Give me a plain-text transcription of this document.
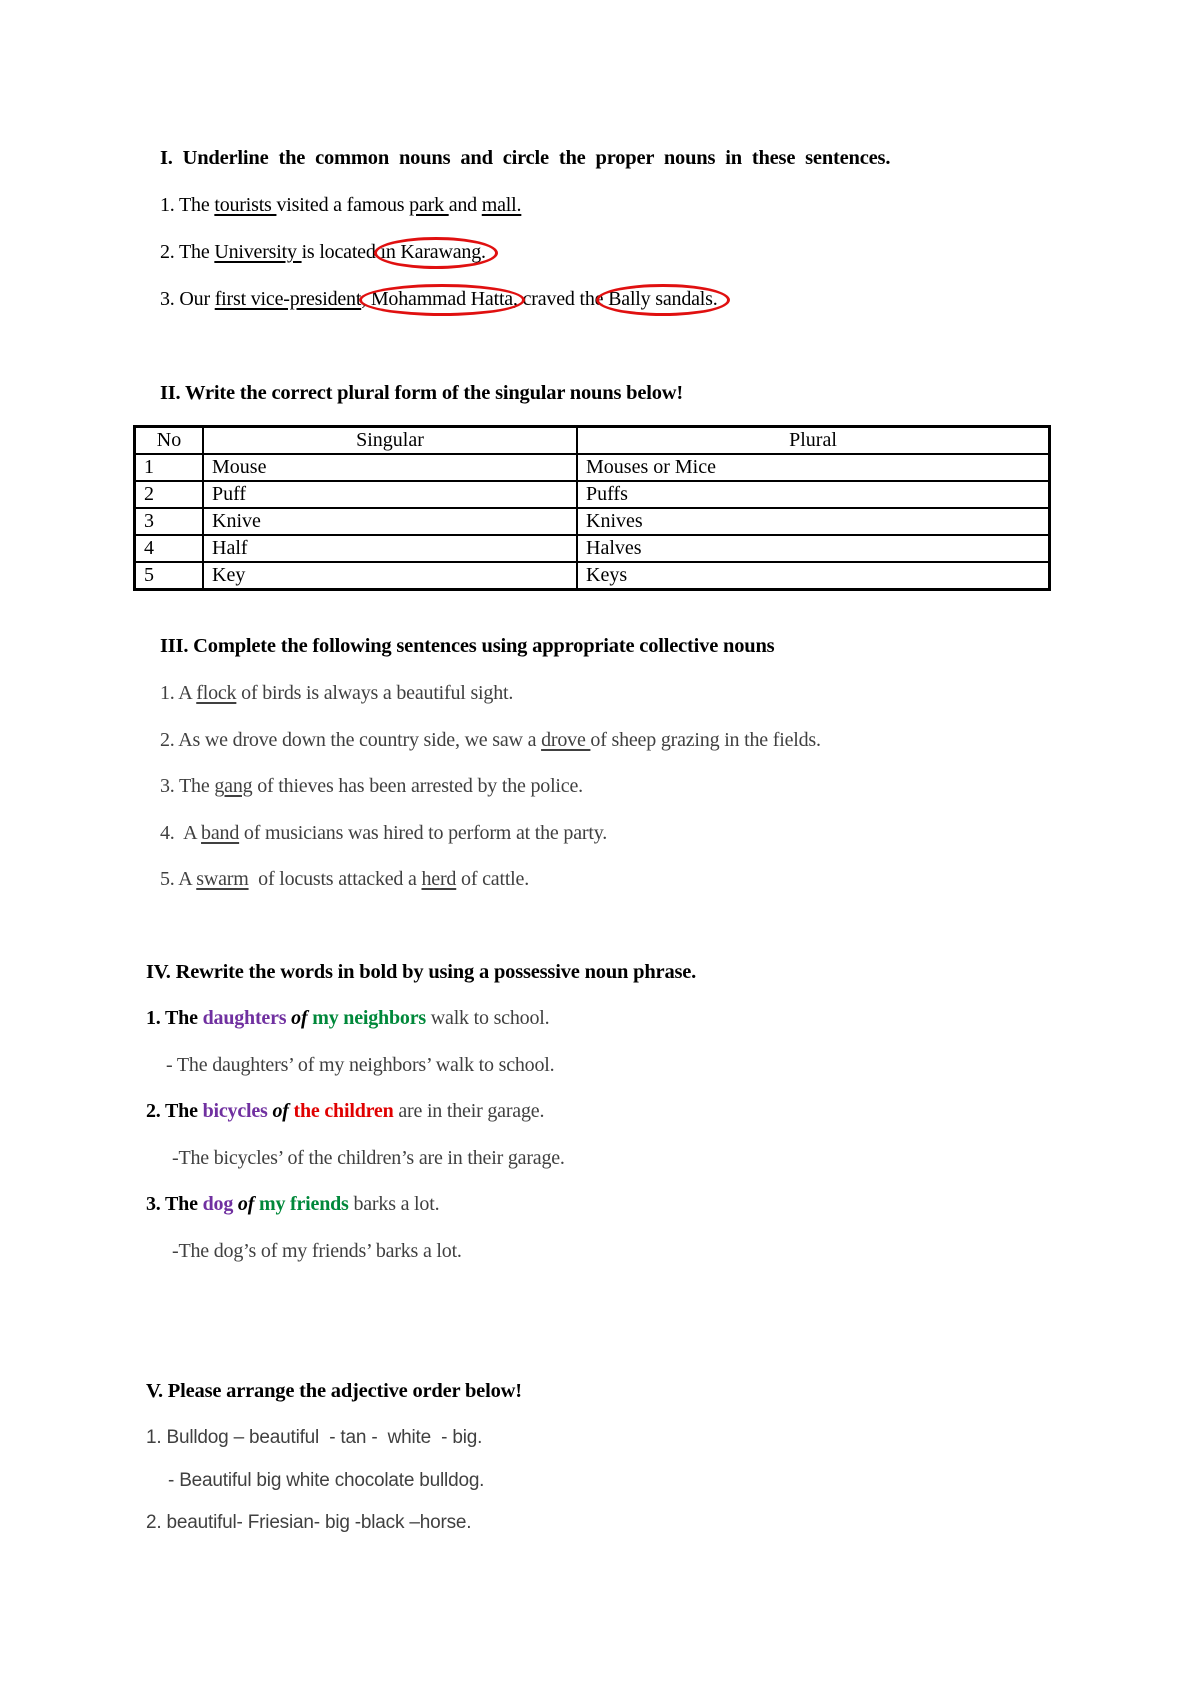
I. Underline the common nouns and circle the proper nouns in these sentences.
1. The tourists visited a famous park and mall.
2. The University is located in Karawang.
3. Our first vice-president, Mohammad Hatta, craved the Bally sandals.
II. Write the correct plural form of the singular nouns below!
No	Singular	Plural
1	Mouse	Mouses or Mice
2	Puff	Puffs
3	Knive	Knives
4	Half	Halves
5	Key	Keys
III. Complete the following sentences using appropriate collective nouns
1. A flock of birds is always a beautiful sight.
2. As we drove down the country side, we saw a drove of sheep grazing in the fields.
3. The gang of thieves has been arrested by the police.
4.  A band of musicians was hired to perform at the party.
5. A swarm  of locusts attacked a herd of cattle.
IV. Rewrite the words in bold by using a possessive noun phrase.
1. The daughters of my neighbors walk to school.
- The daughters’ of my neighbors’ walk to school.
2. The bicycles of the children are in their garage.
-The bicycles’ of the children’s are in their garage.
3. The dog of my friends barks a lot.
-The dog’s of my friends’ barks a lot.
V. Please arrange the adjective order below!
1. Bulldog – beautiful  - tan -  white  - big.
- Beautiful big white chocolate bulldog.
2. beautiful- Friesian- big -black –horse.
